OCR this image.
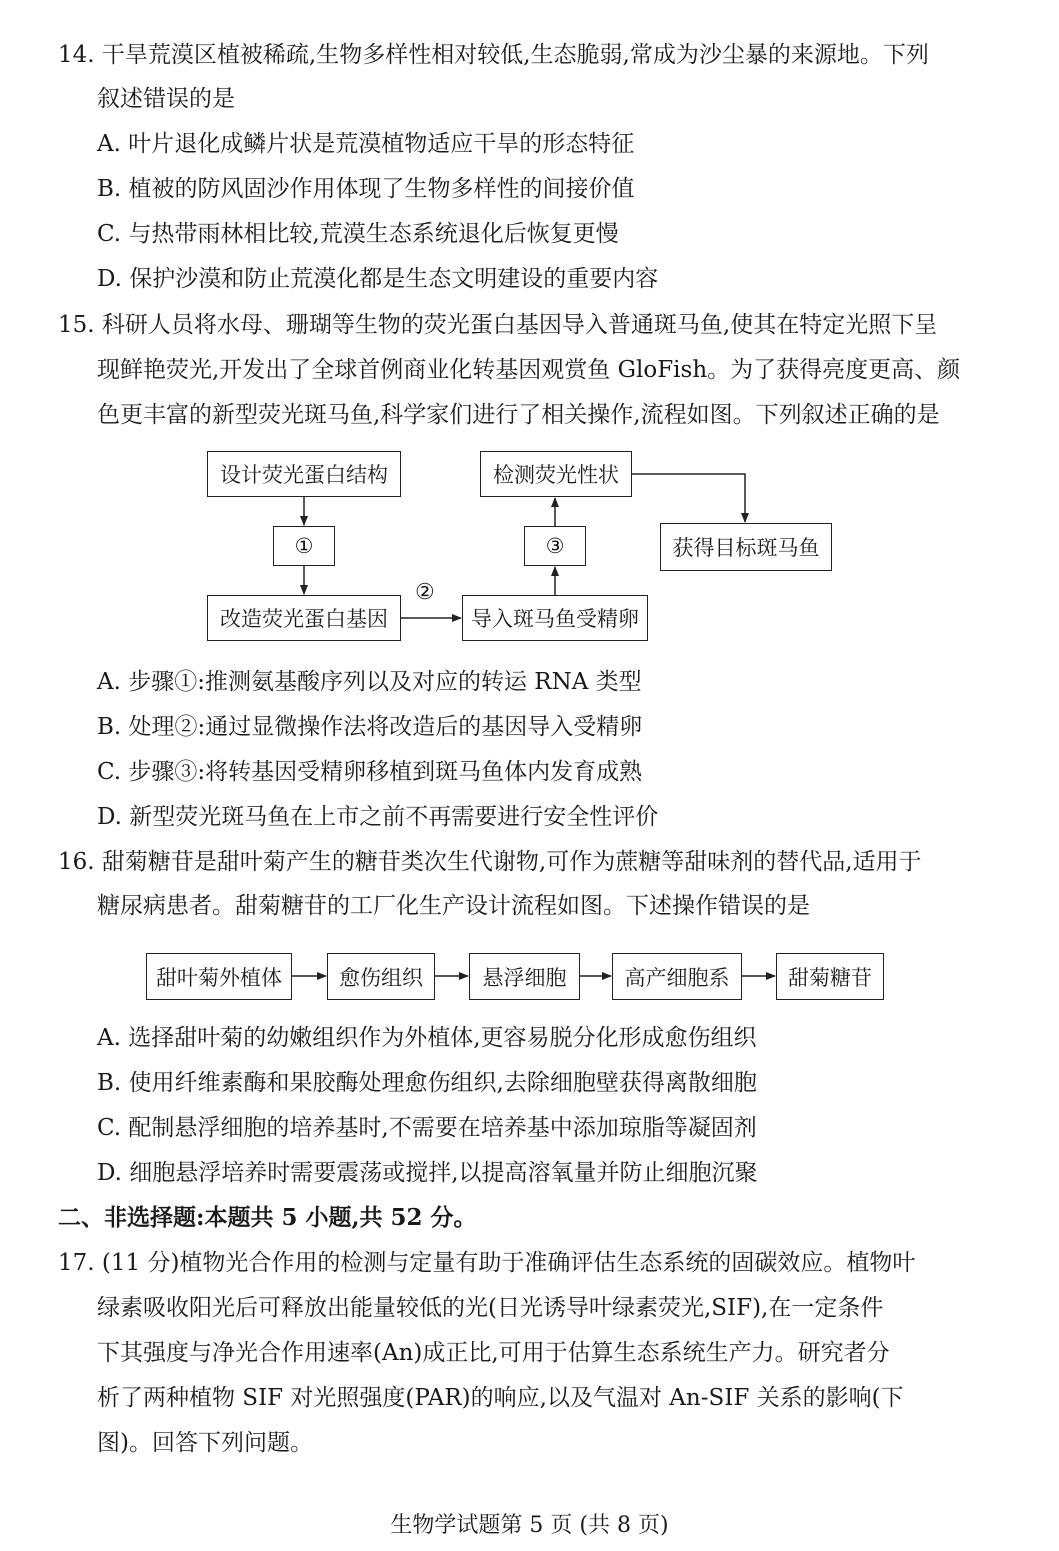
14. 干旱荒漠区植被稀疏,生物多样性相对较低,生态脆弱,常成为沙尘暴的来源地。下列
叙述错误的是
A. 叶片退化成鳞片状是荒漠植物适应干旱的形态特征
B. 植被的防风固沙作用体现了生物多样性的间接价值
C. 与热带雨林相比较,荒漠生态系统退化后恢复更慢
D. 保护沙漠和防止荒漠化都是生态文明建设的重要内容
15. 科研人员将水母、珊瑚等生物的荧光蛋白基因导入普通斑马鱼,使其在特定光照下呈
现鲜艳荧光,开发出了全球首例商业化转基因观赏鱼 GloFish。为了获得亮度更高、颜
色更丰富的新型荧光斑马鱼,科学家们进行了相关操作,流程如图。下列叙述正确的是
设计荧光蛋白结构
①
改造荧光蛋白基因
②
导入斑马鱼受精卵
③
检测荧光性状
获得目标斑马鱼
A. 步骤①:推测氨基酸序列以及对应的转运 RNA 类型
B. 处理②:通过显微操作法将改造后的基因导入受精卵
C. 步骤③:将转基因受精卵移植到斑马鱼体内发育成熟
D. 新型荧光斑马鱼在上市之前不再需要进行安全性评价
16. 甜菊糖苷是甜叶菊产生的糖苷类次生代谢物,可作为蔗糖等甜味剂的替代品,适用于
糖尿病患者。甜菊糖苷的工厂化生产设计流程如图。下述操作错误的是
甜叶菊外植体	愈伤组织	悬浮细胞	高产细胞系	甜菊糖苷
A. 选择甜叶菊的幼嫩组织作为外植体,更容易脱分化形成愈伤组织
B. 使用纤维素酶和果胶酶处理愈伤组织,去除细胞壁获得离散细胞
C. 配制悬浮细胞的培养基时,不需要在培养基中添加琼脂等凝固剂
D. 细胞悬浮培养时需要震荡或搅拌,以提高溶氧量并防止细胞沉聚
二、非选择题:本题共 5 小题,共 52 分。
17. (11 分)植物光合作用的检测与定量有助于准确评估生态系统的固碳效应。植物叶
绿素吸收阳光后可释放出能量较低的光(日光诱导叶绿素荧光,SIF),在一定条件
下其强度与净光合作用速率(An)成正比,可用于估算生态系统生产力。研究者分
析了两种植物 SIF 对光照强度(PAR)的响应,以及气温对 An-SIF 关系的影响(下
图)。回答下列问题。
生物学试题第 5 页 (共 8 页)
